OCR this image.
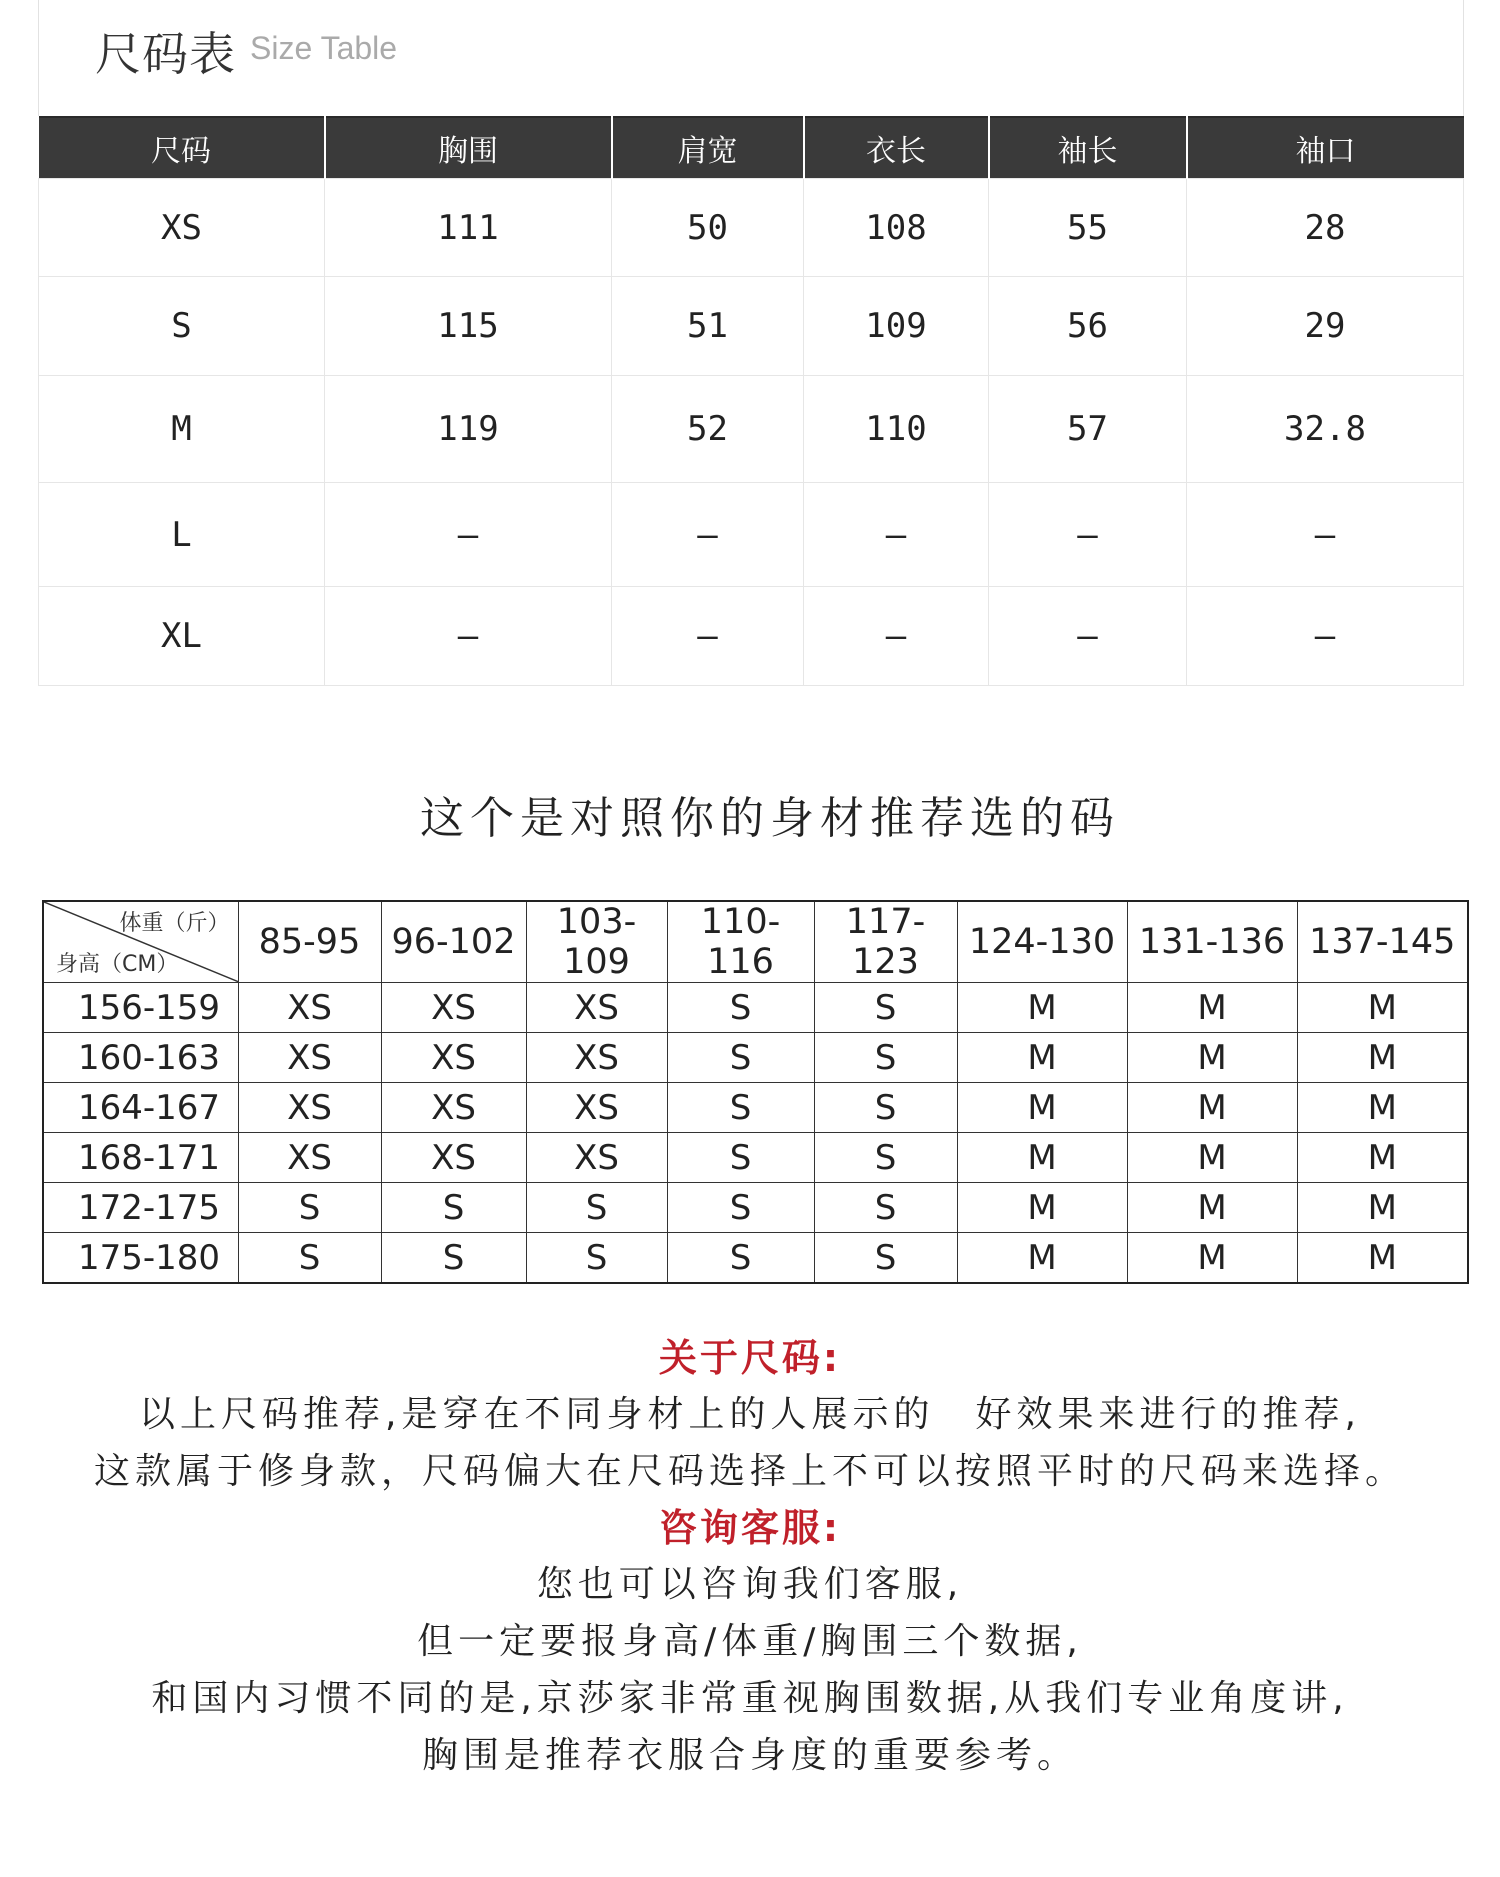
尺码表 Size Table
尺码	胸围	肩宽	衣长	袖长	袖口
XS	111	50	108	55	28
S	115	51	109	56	29
M	119	52	110	57	32.8
L	–	–	–	–	–
XL	–	–	–	–	–
这个是对照你的身材推荐选的码
体重（斤）
身高（CM）	85-95	96-102	103-109	110-116	117-123	124-130	131-136	137-145
156-159	XS	XS	XS	S	S	M	M	M
160-163	XS	XS	XS	S	S	M	M	M
164-167	XS	XS	XS	S	S	M	M	M
168-171	XS	XS	XS	S	S	M	M	M
172-175	S	S	S	S	S	M	M	M
175-180	S	S	S	S	S	M	M	M
关于尺码:
以上尺码推荐,是穿在不同身材上的人展示的　好效果来进行的推荐,
这款属于修身款，尺码偏大在尺码选择上不可以按照平时的尺码来选择。
咨询客服:
您也可以咨询我们客服,
但一定要报身高/体重/胸围三个数据,
和国内习惯不同的是,京莎家非常重视胸围数据,从我们专业角度讲,
胸围是推荐衣服合身度的重要参考。
